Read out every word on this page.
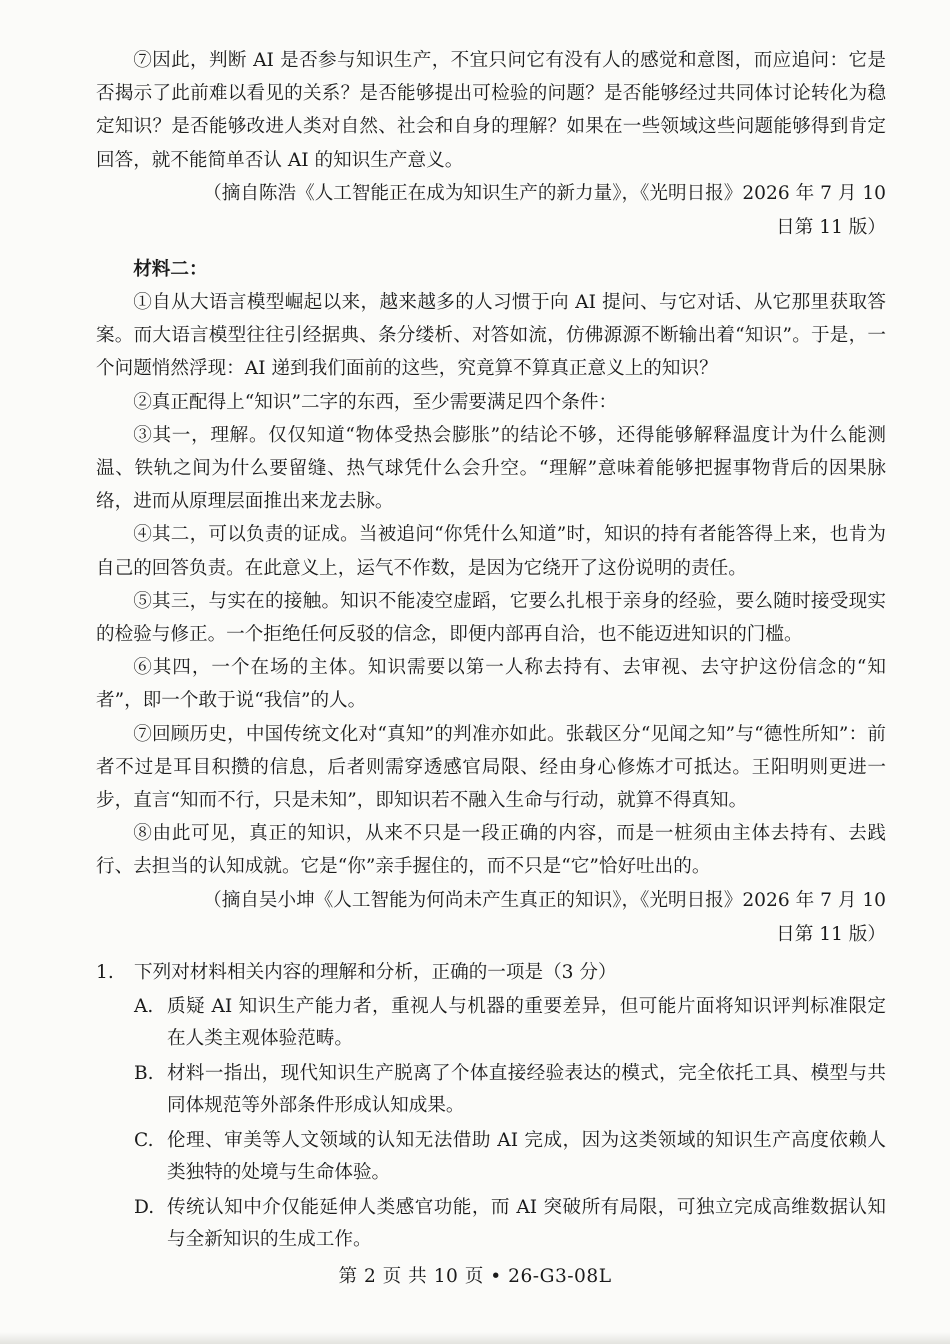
⑦因此，判断 AI 是否参与知识生产，不宜只问它有没有人的感觉和意图，而应追问：它是否揭示了此前难以看见的关系？是否能够提出可检验的问题？是否能够经过共同体讨论转化为稳定知识？是否能够改进人类对自然、社会和自身的理解？如果在一些领域这些问题能够得到肯定回答，就不能简单否认 AI 的知识生产意义。

（摘自陈浩《人工智能正在成为知识生产的新力量》，《光明日报》2026 年 7 月 10

日第 11 版）

材料二：

①自从大语言模型崛起以来，越来越多的人习惯于向 AI 提问、与它对话、从它那里获取答案。而大语言模型往往引经据典、条分缕析、对答如流，仿佛源源不断输出着“知识”。于是，一个问题悄然浮现：AI 递到我们面前的这些，究竟算不算真正意义上的知识？

②真正配得上“知识”二字的东西，至少需要满足四个条件：

③其一，理解。仅仅知道“物体受热会膨胀”的结论不够，还得能够解释温度计为什么能测温、铁轨之间为什么要留缝、热气球凭什么会升空。“理解”意味着能够把握事物背后的因果脉络，进而从原理层面推出来龙去脉。

④其二，可以负责的证成。当被追问“你凭什么知道”时，知识的持有者能答得上来，也肯为自己的回答负责。在此意义上，运气不作数，是因为它绕开了这份说明的责任。

⑤其三，与实在的接触。知识不能凌空虚蹈，它要么扎根于亲身的经验，要么随时接受现实的检验与修正。一个拒绝任何反驳的信念，即便内部再自洽，也不能迈进知识的门槛。

⑥其四，一个在场的主体。知识需要以第一人称去持有、去审视、去守护这份信念的“知者”，即一个敢于说“我信”的人。

⑦回顾历史，中国传统文化对“真知”的判准亦如此。张载区分“见闻之知”与“德性所知”：前者不过是耳目积攒的信息，后者则需穿透感官局限、经由身心修炼才可抵达。王阳明则更进一步，直言“知而不行，只是未知”，即知识若不融入生命与行动，就算不得真知。

⑧由此可见，真正的知识，从来不只是一段正确的内容，而是一桩须由主体去持有、去践行、去担当的认知成就。它是“你”亲手握住的，而不只是“它”恰好吐出的。

（摘自吴小坤《人工智能为何尚未产生真正的知识》，《光明日报》2026 年 7 月 10

日第 11 版）

1.	下列对材料相关内容的理解和分析，正确的一项是（3 分）
A. 质疑 AI 知识生产能力者，重视人与机器的重要差异，但可能片面将知识评判标准限定在人类主观体验范畴。
B. 材料一指出，现代知识生产脱离了个体直接经验表达的模式，完全依托工具、模型与共同体规范等外部条件形成认知成果。
C. 伦理、审美等人文领域的认知无法借助 AI 完成，因为这类领域的知识生产高度依赖人类独特的处境与生命体验。
D. 传统认知中介仅能延伸人类感官功能，而 AI 突破所有局限，可独立完成高维数据认知与全新知识的生成工作。
第 2 页 共 10 页 • 26-G3-08L
